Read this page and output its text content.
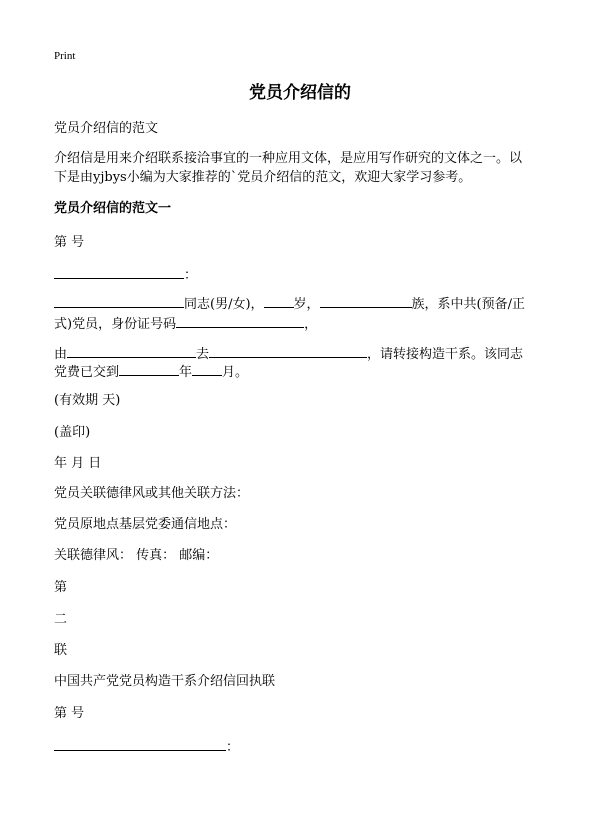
Print
党员介绍信的
党员介绍信的范文
介绍信是用来介绍联系接洽事宜的一种应用文体，是应用写作研究的文体之一。以
下是由yjbys小编为大家推荐的`党员介绍信的范文，欢迎大家学习参考。
党员介绍信的范文一
第 号
：
同志(男/女)， 岁，	族，系中共(预备/正
式)党员，身份证号码	，
由	去	，请转接构造干系。该同志
党费已交到	年 月。
(有效期 天)
(盖印)
年 月 日
党员关联德律风或其他关联方法：
党员原地点基层党委通信地点：
关联德律风： 传真： 邮编：
第
二
联
中国共产党党员构造干系介绍信回执联
第 号
：
